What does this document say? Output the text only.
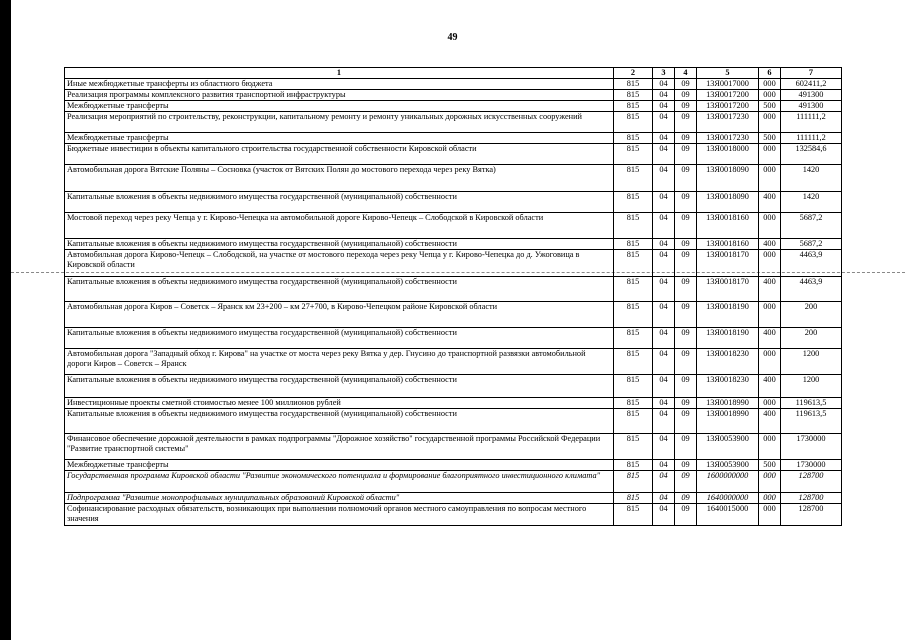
49
1	2	3	4	5	6	7
Иные межбюджетные трансферты из областного бюджета	815	04	09	13Я0017000	000	602411,2
Реализация программы комплексного развития транспортной инфраструктуры	815	04	09	13Я0017200	000	491300
Межбюджетные трансферты	815	04	09	13Я0017200	500	491300
Реализация мероприятий по строительству, реконструкции, капитальному ремонту и ремонту уникальных дорожных искусственных сооружений	815	04	09	13Я0017230	000	111111,2
Межбюджетные трансферты	815	04	09	13Я0017230	500	111111,2
Бюджетные инвестиции в объекты капитального строительства государственной собственности Кировской области	815	04	09	13Я0018000	000	132584,6
Автомобильная дорога Вятские Поляны – Сосновка (участок от Вятских Полян до мостового перехода через реку Вятка)	815	04	09	13Я0018090	000	1420
Капитальные вложения в объекты недвижимого имущества государственной (муниципальной) собственности	815	04	09	13Я0018090	400	1420
Мостовой переход через реку Чепца у г. Кирово-Чепецка на автомобильной дороге Кирово-Чепецк – Слободской в Кировской области	815	04	09	13Я0018160	000	5687,2
Капитальные вложения в объекты недвижимого имущества государственной (муниципальной) собственности	815	04	09	13Я0018160	400	5687,2
Автомобильная дорога Кирово-Чепецк – Слободской, на участке от мостового перехода через реку Чепца у г. Кирово-Чепецка до д. Ужоговица в Кировской области	815	04	09	13Я0018170	000	4463,9
Капитальные вложения в объекты недвижимого имущества государственной (муниципальной) собственности	815	04	09	13Я0018170	400	4463,9
Автомобильная дорога Киров – Советск – Яранск км 23+200 – км 27+700, в Кирово-Чепецком районе Кировской области	815	04	09	13Я0018190	000	200
Капитальные вложения в объекты недвижимого имущества государственной (муниципальной) собственности	815	04	09	13Я0018190	400	200
Автомобильная дорога "Западный обход г. Кирова" на участке от моста через реку Вятка у дер. Гнусино до транспортной развязки автомобильной дороги Киров – Советск – Яранск	815	04	09	13Я0018230	000	1200
Капитальные вложения в объекты недвижимого имущества государственной (муниципальной) собственности	815	04	09	13Я0018230	400	1200
Инвестиционные проекты сметной стоимостью менее 100 миллионов рублей	815	04	09	13Я0018990	000	119613,5
Капитальные вложения в объекты недвижимого имущества государственной (муниципальной) собственности	815	04	09	13Я0018990	400	119613,5
Финансовое обеспечение дорожной деятельности в рамках подпрограммы "Дорожное хозяйство" государственной программы Российской Федерации "Развитие транспортной системы"	815	04	09	13Я0053900	000	1730000
Межбюджетные трансферты	815	04	09	13Я0053900	500	1730000
Государственная программа Кировской области "Развитие экономического потенциала и формирование благоприятного инвестиционного климата"	815	04	09	1600000000	000	128700
Подпрограмма "Развитие монопрофильных муниципальных образований Кировской области"	815	04	09	1640000000	000	128700
Софинансирование расходных обязательств, возникающих при выполнении полномочий органов местного самоуправления по вопросам местного значения	815	04	09	1640015000	000	128700
